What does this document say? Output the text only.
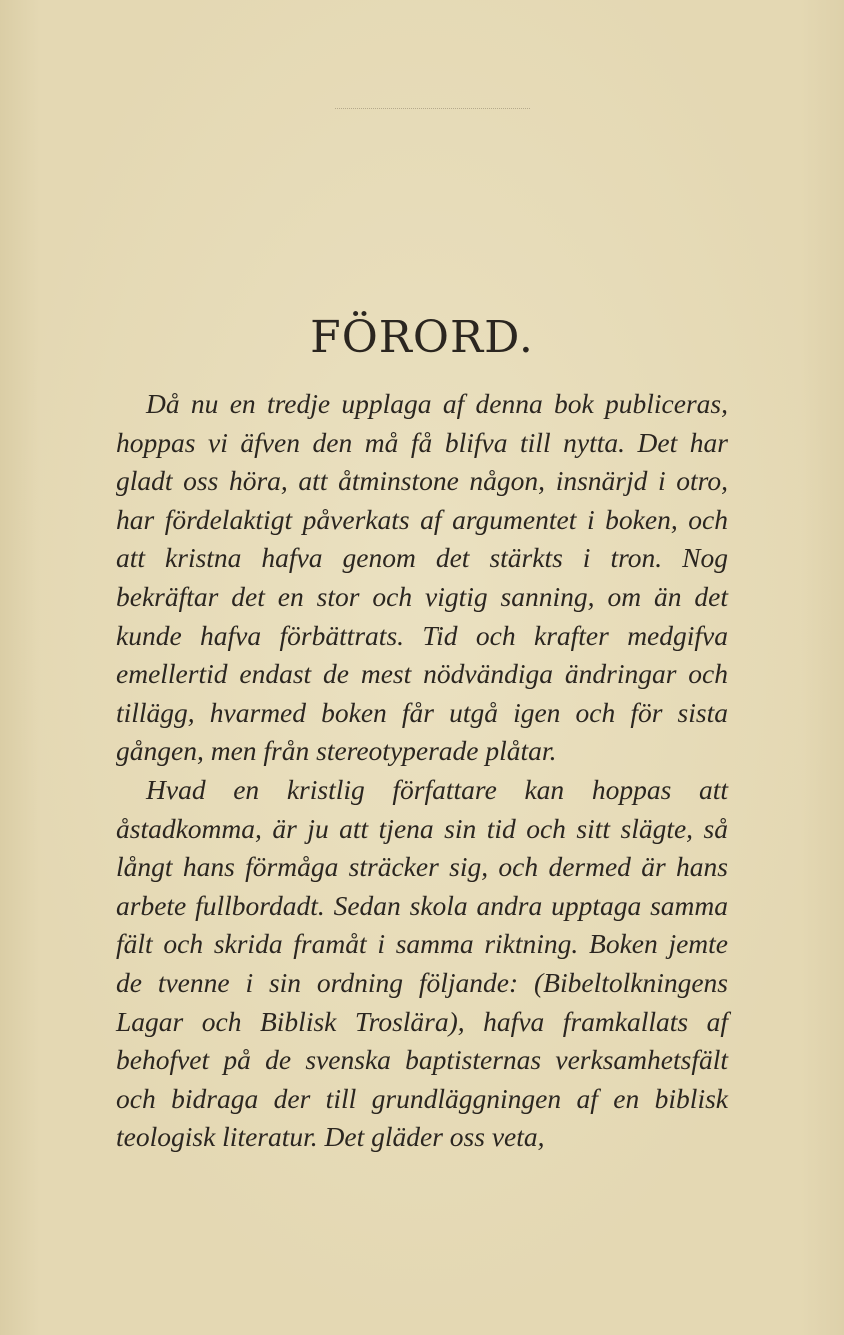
FÖRORD.

Då nu en tredje upplaga af denna bok publiceras, hoppas vi äfven den må få blifva till nytta. Det har gladt oss höra, att åtminstone någon, insnärjd i otro, har fördelaktigt påverkats af argumentet i boken, och att kristna hafva genom det stärkts i tron. Nog bekräftar det en stor och vigtig sanning, om än det kunde hafva förbättrats. Tid och krafter medgifva emellertid endast de mest nödvändiga ändringar och tillägg, hvarmed boken får utgå igen och för sista gången, men från stereotyperade plåtar.

Hvad en kristlig författare kan hoppas att åstadkomma, är ju att tjena sin tid och sitt slägte, så långt hans förmåga sträcker sig, och dermed är hans arbete fullbordadt. Sedan skola andra upptaga samma fält och skrida framåt i samma riktning. Boken jemte de tvenne i sin ordning följande: (Bibeltolkningens Lagar och Biblisk Troslära), hafva framkallats af behofvet på de svenska baptisternas verksamhetsfält och bidraga der till grundläggningen af en biblisk teologisk literatur. Det gläder oss veta,
